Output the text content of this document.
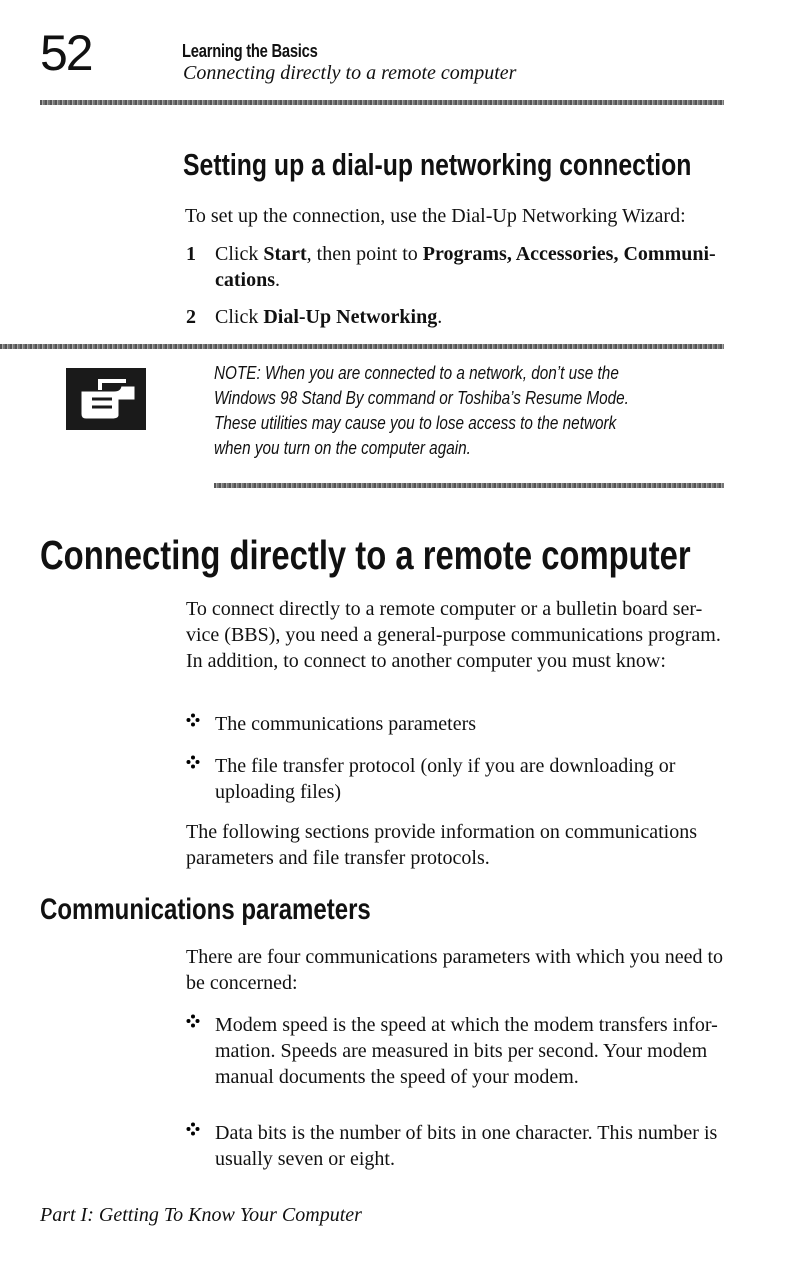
52	Learning the Basics
Connecting directly to a remote computer
Setting up a dial-up networking connection
To set up the connection, use the Dial-Up Networking Wizard:
1 Click Start, then point to Programs, Accessories, Communi-
cations.
2 Click Dial-Up Networking.
NOTE: When you are connected to a network, don’t use the
Windows 98 Stand By command or Toshiba’s Resume Mode.
These utilities may cause you to lose access to the network
when you turn on the computer again.
Connecting directly to a remote computer
To connect directly to a remote computer or a bulletin board ser-vice (BBS), you need a general-purpose communications program. In addition, to connect to another computer you must know:
The communications parameters
The file transfer protocol (only if you are downloading or uploading files)
The following sections provide information on communications parameters and file transfer protocols.
Communications parameters
There are four communications parameters with which you need to be concerned:
Modem speed is the speed at which the modem transfers infor-mation. Speeds are measured in bits per second. Your modem manual documents the speed of your modem.
Data bits is the number of bits in one character. This number is usually seven or eight.
Part I: Getting To Know Your Computer
